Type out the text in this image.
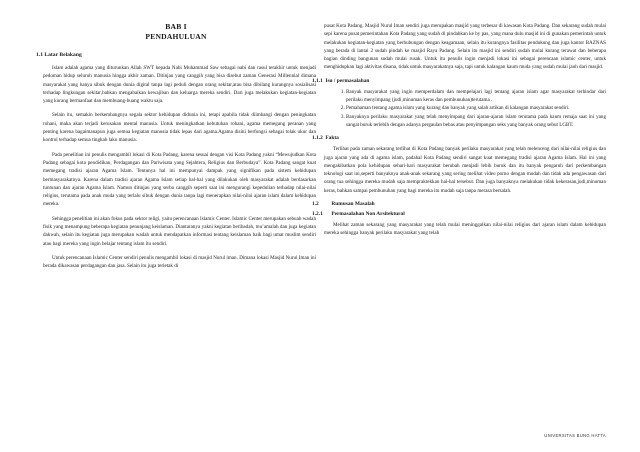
BAB I
PENDAHULUAN
1.1 Latar Belakang

Islam adalah agama yang diturunkan Allah SWT kepada Nabi Muhammad Saw sebagai nabi dan rasul terakhir untuk menjadi pedoman hidup seluruh manusia hingga akhir zaman. Ditinjau yang canggih yang bisa disebut zaman Generasi Millennial dimana masyarakat yang hanya sibuk dengan dunia digital tanpa lagi peduli dengan orang sekitar,atau bisa dibilang kurangnya sosialisasi terhadap lingkungan sekitar,bahkan mengabaikan kewajiban dan keluarga mereka sendiri. Dari juga melakukan kegiatan-kegiatan yang kurang bermanfaat dan membuang-buang waktu saja.

Selain itu, semakin berkembangnya segala sektor kehidupan didunia ini, tetapi apabila tidak diimbangi dengan peningkatan rohani, maka akan terjadi kerusakan mental manusia. Untuk meningkatkan kebutuhan rohani, agama memegang peranan yang penting karena bagaimanapun juga semua kegiatan manusia tidak lepas dari agama.Agama disini berfungsi sebagai tolak ukur dan kontrol terhadap semua tingkah laku manusia.

Pada penelitian ini penulis mengambil lokasi di Kota Padang, karena sesuai dengan visi Kota Padang yakni “Mewujudkan Kota Padang sebagai kota pendidikan, Perdagangan dan Pariwisata yang Sejahtera, Religius dan Berbudaya”. Kota Padang sangat kuat memegang tradisi ajaran Agama Islam. Tentunya hal ini mempunyai dampak yang signifikan pada sistem kehidupan bermasyarakatnya. Karena dalam tradisi ajaran Agama Islam setiap hal-hal yang dilakukan oleh masyarakat adalah berdasarkan tuntunan dan ajaran Agama Islam. Namun ditinjau yang serba canggih seperti saat ini mengurangi kepedulian terhadap nilai-nilai religius, terutama pada anak muda yang terlalu sibuk dengan dunia tanpa lagi menerapkan nilai-nilai ajaran islam dalam kehidupan mereka.

Sehingga penelitian ini akan fokus pada sektor religi, yaitu perencanaan Islamic Center. Islamic Center merupakan sebuah wadah fisik yang menampung beberapa kegiatan penunjang keislaman. Diantaranya yakni kegiatan beribadah, mu’amalah dan juga kegiatan dakwah, selain itu kegiatan juga merupakan wadah untuk mendapatkan informasi tentang keislaman baik bagi umat muslim sendiri atau bagi mereka yang ingin belajar tentang islam itu sendiri.

Untuk perencanaan Islamic Center sendiri penulis mengambil lokasi di masjid Nurul iman. Dimana lokasi Masjid Nurul Iman ini berada dikawasan perdagangan dan jasa. Selain itu juga terletak di

pusat Kota Padang. Masjid Nurul Iman sendiri juga merupakan masjid yang terbesar di kawasan Kota Padang. Dan sekarang sudah mulai sepi karena pusat pemerintahan Kota Padang yang sudah di pindahkan ke by pas, yang mana dulu masjid ini di gunakan pemerintah untuk melakukan kegiatan-kegiatan yang berhubungan dengan keagamaan, selain itu kurangnya fasilitas pendukung dan juga kantor BAZNAS yang berada di lantai 2 sudah pindah ke masjid Raya Padang. Selain itu masjid ini sendiri sudah mulai kurang terawat dan beberapa bagian dinding bangunan sudah mulai rusak. Untuk itu penulis ingin menjadi lokasi ini sebagai perencaan islamic center, untuk menghidupkan lagi aktivitas disana, tidak untuk masyarakatnya saja, tapi untuk kalangan kaum muda yang sudah mulai jauh dari masjid.

1.1.1 Isu / permasalahan
1. Banyak masyarakat yang ingin memperdalam dan mempelajari lagi tentang ajaran islam agar masyarakat terhindar dari perilaku menyimpang (judi,minuman keras dan pembunuhan)terutama .
2. Pemahaman tentang agama islam yang kurang dan banyak yang salah artikan di kalangan masyarakat sendiri.
3. Banyaknya perilaku masyarakat yang telah menyimpang dari ajaran-ajaran islam terutama pada kaum remaja saat ini yang sangat buruk terlebih dengan adanya pergaulan bebas atau penyimpangan seks yang banyak orang sebut LGBT.
1.1.2 Fakta

Terlihat pada zaman sekarang terlihat di Kota Padang banyak perilaku masyarakat yang telah melenceng dari nilai-nilai religius dan juga ajaran yang ada di agama islam, padahal Kota Padang sendiri sangat kuat memegang tradisi ajaran Agama Islam. Hal ini yang mengakibatkan pola kehidupan sehari-hari masyarakat berubah menjadi lebih buruk dan itu banyak pengaruh dari perkembangan teknologi saat ini,seperti banyaknya anak-anak sekarang yang sering melihat video porno dengan mudah dan tidak ada pengawasan dari orang tua sehingga mereka mudah saja mempraktekkan hal-hal tersebut. Dan juga banyaknya melakukan tidak kekerasan,judi,minuman keras, bahkan sampai pembunuhan yang bagi mereka itu mudah saja tanpa merasa bersalah.

1.2 Rumusan Masalah
1.2.1 Permasalahan Non Arsitektural

Melihat zaman sekarang yang masyarakat yang telah mulai meninggalkan nilai-nilai religius dari ajaran islam dalam kehidupan mereka sehingga banyak perilaku masyarakat yang telah

UNIVERSITAS BUNG HATTA
